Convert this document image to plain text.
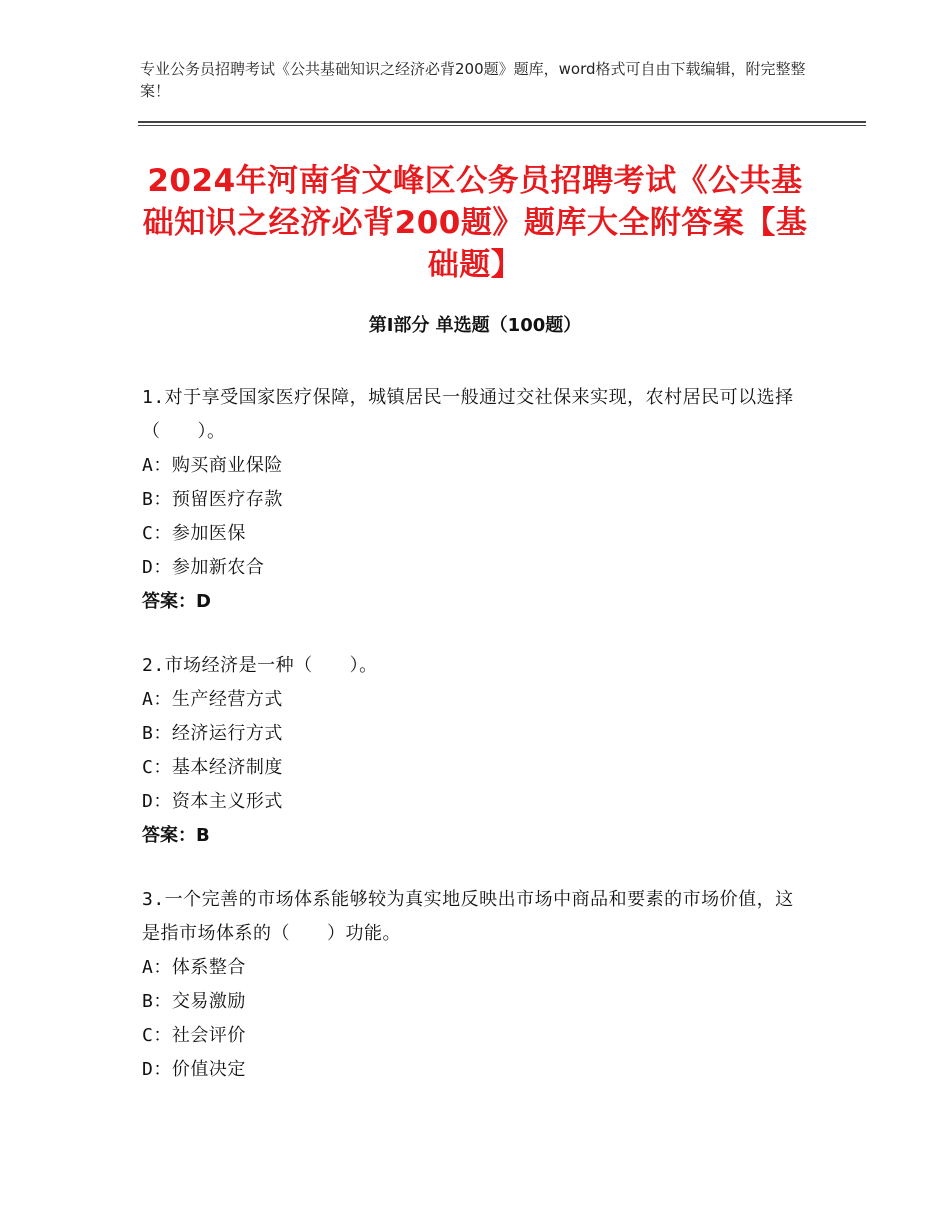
专业公务员招聘考试《公共基础知识之经济必背200题》题库，word格式可自由下载编辑，附完整整案！
2024年河南省文峰区公务员招聘考试《公共基础知识之经济必背200题》题库大全附答案【基础题】
第Ⅰ部分 单选题（100题）
1.对于享受国家医疗保障，城镇居民一般通过交社保来实现，农村居民可以选择（　　）。
A：购买商业保险
B：预留医疗存款
C：参加医保
D：参加新农合
答案：D
2.市场经济是一种（　　）。
A：生产经营方式
B：经济运行方式
C：基本经济制度
D：资本主义形式
答案：B
3.一个完善的市场体系能够较为真实地反映出市场中商品和要素的市场价值，这是指市场体系的（　　）功能。
A：体系整合
B：交易激励
C：社会评价
D：价值决定
